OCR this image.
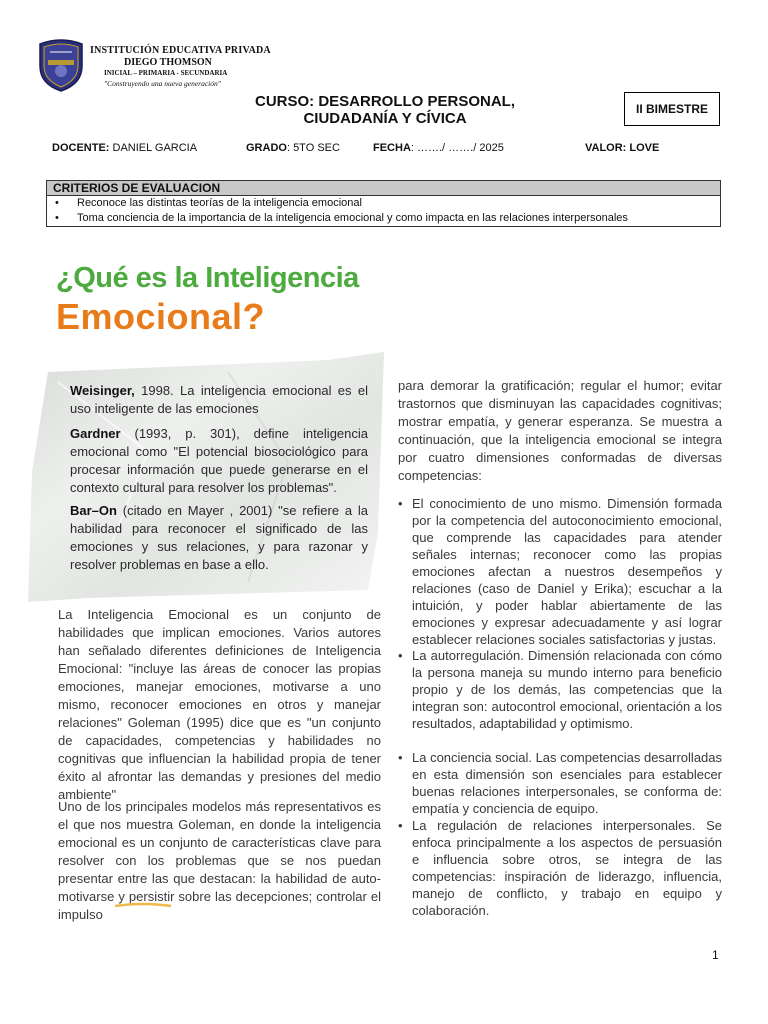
INSTITUCIÓN EDUCATIVA PRIVADA
DIEGO THOMSON
INICIAL – PRIMARIA - SECUNDARIA
"Construyendo una nueva generación"
CURSO: DESARROLLO PERSONAL,
CIUDADANÍA Y CÍVICA
II BIMESTRE
DOCENTE: DANIEL GARCIA	GRADO: 5TO SEC	FECHA: ……./ ……./ 2025	VALOR: LOVE
CRITERIOS DE EVALUACION
• Reconoce las distintas teorías de la inteligencia emocional
• Toma conciencia de la importancia de la inteligencia emocional y como impacta en las relaciones interpersonales
¿Qué es la Inteligencia
Emocional?
Weisinger, 1998. La inteligencia emocional es el uso inteligente de las emociones
Gardner (1993, p. 301), define inteligencia emocional como "El potencial biosociológico para procesar información que puede generarse en el contexto cultural para resolver los problemas".
Bar–On (citado en Mayer , 2001) "se refiere a la habilidad para reconocer el significado de las emociones y sus relaciones, y para razonar y resolver problemas en base a ello.
La Inteligencia Emocional es un conjunto de habilidades que implican emociones. Varios autores han señalado diferentes definiciones de Inteligencia Emocional: "incluye las áreas de conocer las propias emociones, manejar emociones, motivarse a uno mismo, reconocer emociones en otros y manejar relaciones" Goleman (1995) dice que es "un conjunto de capacidades, competencias y habilidades no cognitivas que influencian la habilidad propia de tener éxito al afrontar las demandas y presiones del medio ambiente"
Uno de los principales modelos más representativos es el que nos muestra Goleman, en donde la inteligencia emocional es un conjunto de características clave para resolver con los problemas que se nos puedan presentar entre las que destacan: la habilidad de auto-motivarse y persistir sobre las decepciones; controlar el impulso
para demorar la gratificación; regular el humor; evitar trastornos que disminuyan las capacidades cognitivas; mostrar empatía, y generar esperanza. Se muestra a continuación, que la inteligencia emocional se integra por cuatro dimensiones conformadas de diversas competencias:
• El conocimiento de uno mismo. Dimensión formada por la competencia del autoconocimiento emocional, que comprende las capacidades para atender señales internas; reconocer como las propias emociones afectan a nuestros desempeños y relaciones (caso de Daniel y Erika); escuchar a la intuición, y poder hablar abiertamente de las emociones y expresar adecuadamente y así lograr establecer relaciones sociales satisfactorias y justas.
• La autorregulación. Dimensión relacionada con cómo la persona maneja su mundo interno para beneficio propio y de los demás, las competencias que la integran son: autocontrol emocional, orientación a los resultados, adaptabilidad y optimismo.
• La conciencia social. Las competencias desarrolladas en esta dimensión son esenciales para establecer buenas relaciones interpersonales, se conforma de: empatía y conciencia de equipo.
• La regulación de relaciones interpersonales. Se enfoca principalmente a los aspectos de persuasión e influencia sobre otros, se integra de las competencias: inspiración de liderazgo, influencia, manejo de conflicto, y trabajo en equipo y colaboración.
1
